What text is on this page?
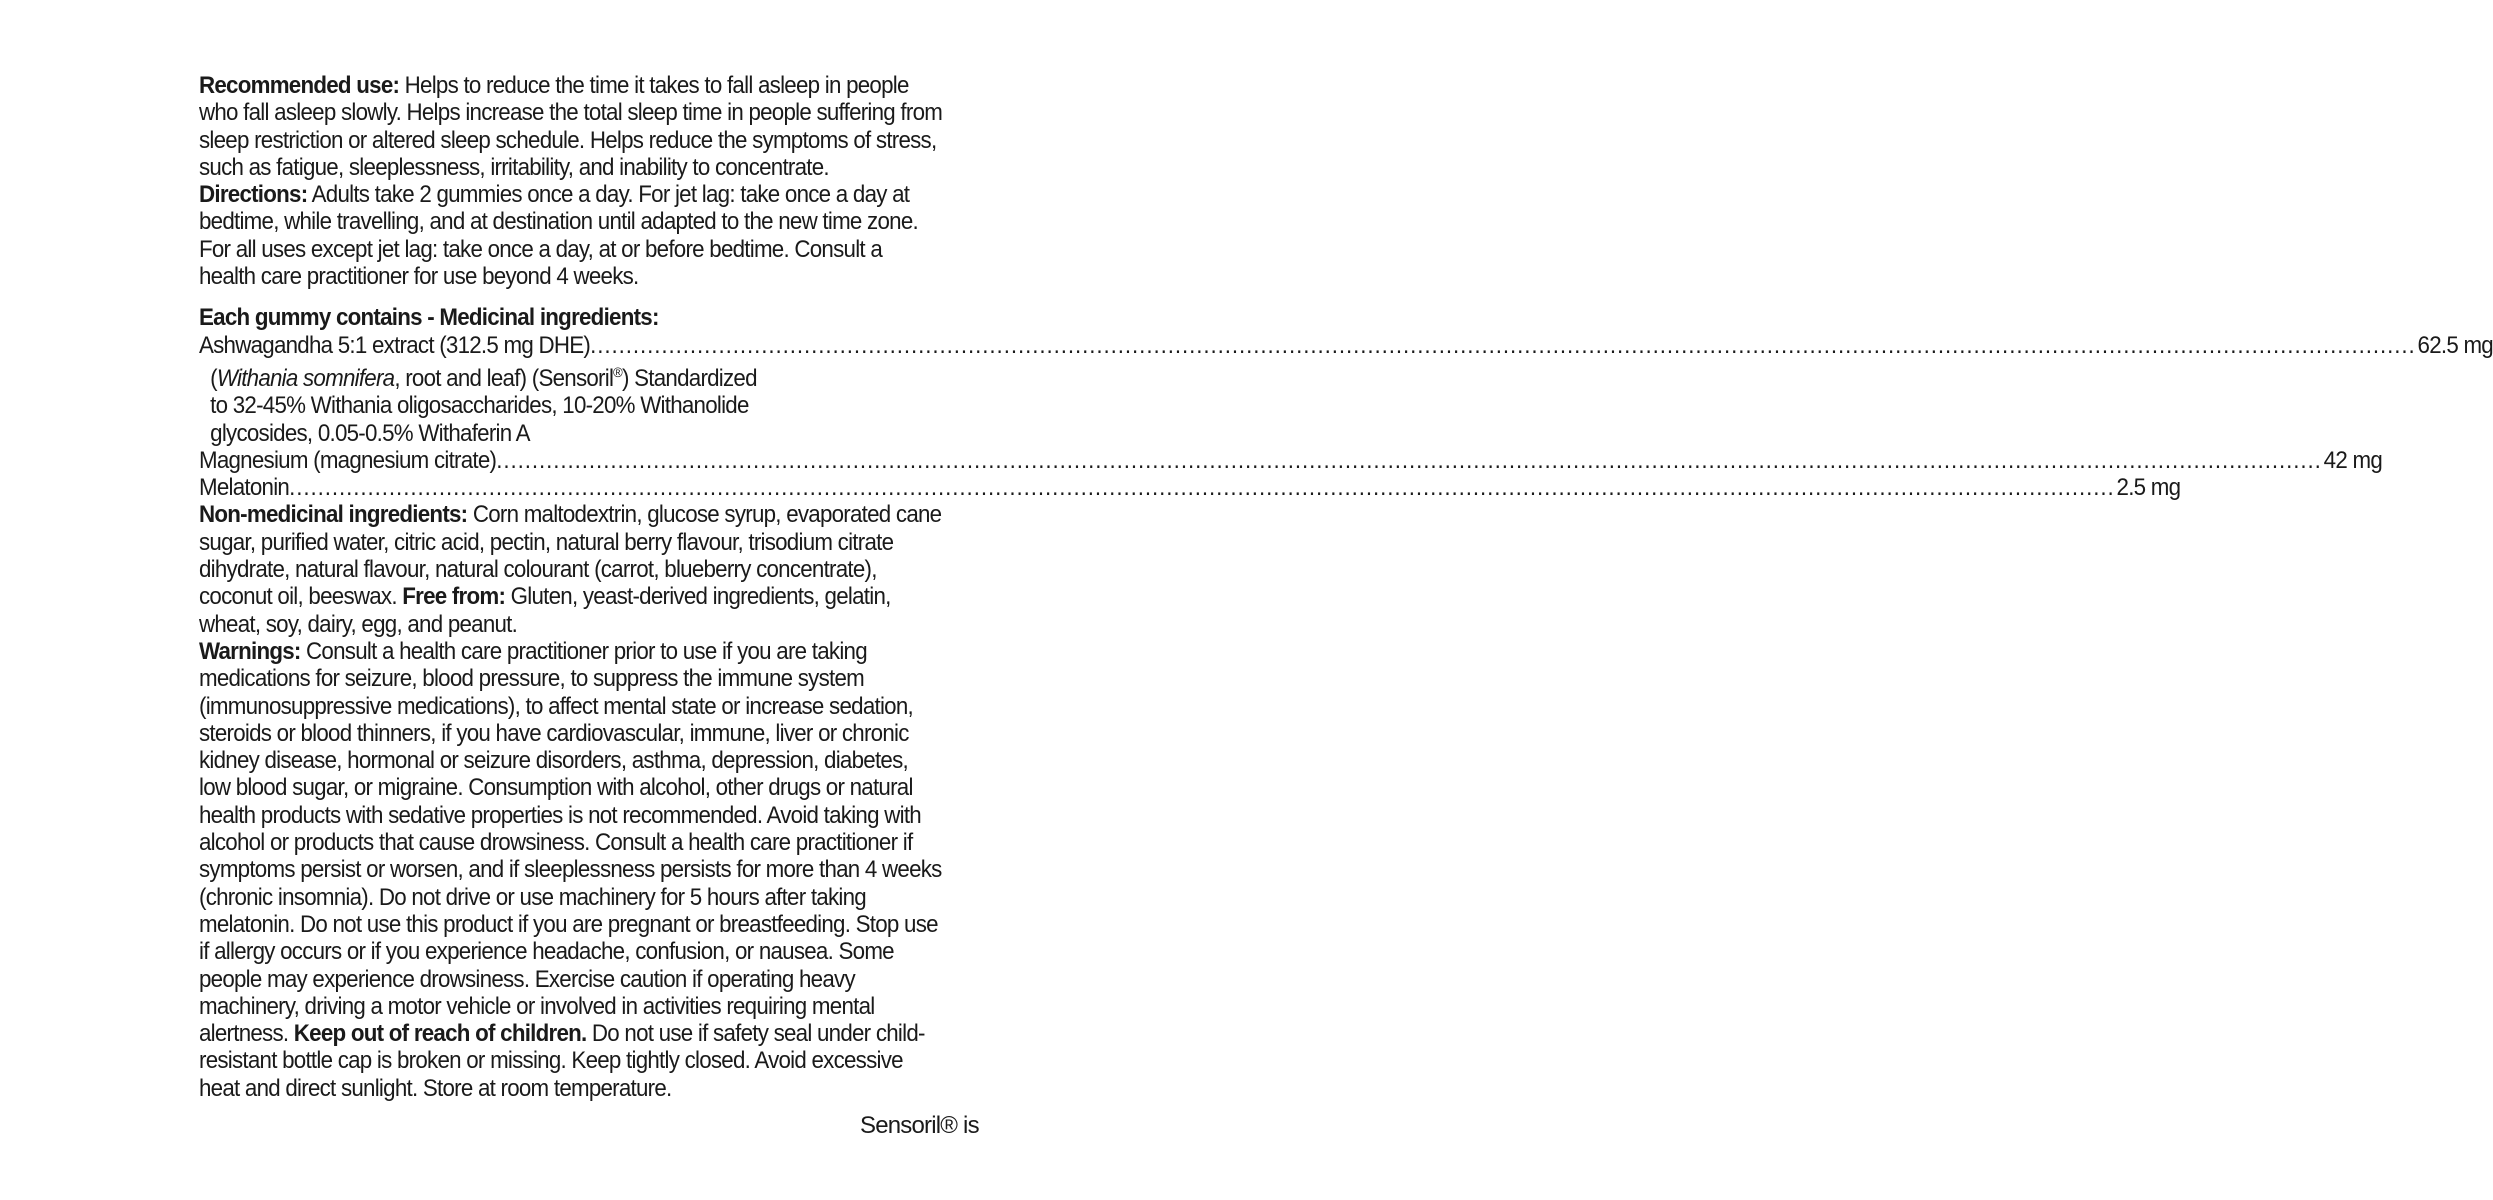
Recommended use: Helps to reduce the time it takes to fall asleep in people who fall asleep slowly. Helps increase the total sleep time in people suffering from sleep restriction or altered sleep schedule. Helps reduce the symptoms of stress, such as fatigue, sleeplessness, irritability, and inability to concentrate.
Directions: Adults take 2 gummies once a day. For jet lag: take once a day at bedtime, while travelling, and at destination until adapted to the new time zone. For all uses except jet lag: take once a day, at or before bedtime. Consult a health care practitioner for use beyond 4 weeks.

Each gummy contains - Medicinal ingredients:
Ashwagandha 5:1 extract (312.5 mg DHE) .....	62.5 mg
(Withania somnifera, root and leaf) (Sensoril®) Standardized
to 32-45% Withania oligosaccharides, 10-20% Withanolide
glycosides, 0.05-0.5% Withaferin A
Magnesium (magnesium citrate) .....	42 mg
Melatonin .....	2.5 mg

Non-medicinal ingredients: Corn maltodextrin, glucose syrup, evaporated cane sugar, purified water, citric acid, pectin, natural berry flavour, trisodium citrate dihydrate, natural flavour, natural colourant (carrot, blueberry concentrate), coconut oil, beeswax. Free from: Gluten, yeast-derived ingredients, gelatin, wheat, soy, dairy, egg, and peanut.

Warnings: Consult a health care practitioner prior to use if you are taking medications for seizure, blood pressure, to suppress the immune system (immunosuppressive medications), to affect mental state or increase sedation, steroids or blood thinners, if you have cardiovascular, immune, liver or chronic kidney disease, hormonal or seizure disorders, asthma, depression, diabetes, low blood sugar, or migraine. Consumption with alcohol, other drugs or natural health products with sedative properties is not recommended. Avoid taking with alcohol or products that cause drowsiness. Consult a health care practitioner if symptoms persist or worsen, and if sleeplessness persists for more than 4 weeks (chronic insomnia). Do not drive or use machinery for 5 hours after taking melatonin. Do not use this product if you are pregnant or breastfeeding. Stop use if allergy occurs or if you experience headache, confusion, or nausea. Some people may experience drowsiness. Exercise caution if operating heavy machinery, driving a motor vehicle or involved in activities requiring mental alertness. Keep out of reach of children. Do not use if safety seal under child-resistant bottle cap is broken or missing. Keep tightly closed. Avoid excessive heat and direct sunlight. Store at room temperature.

Sensoril® is
